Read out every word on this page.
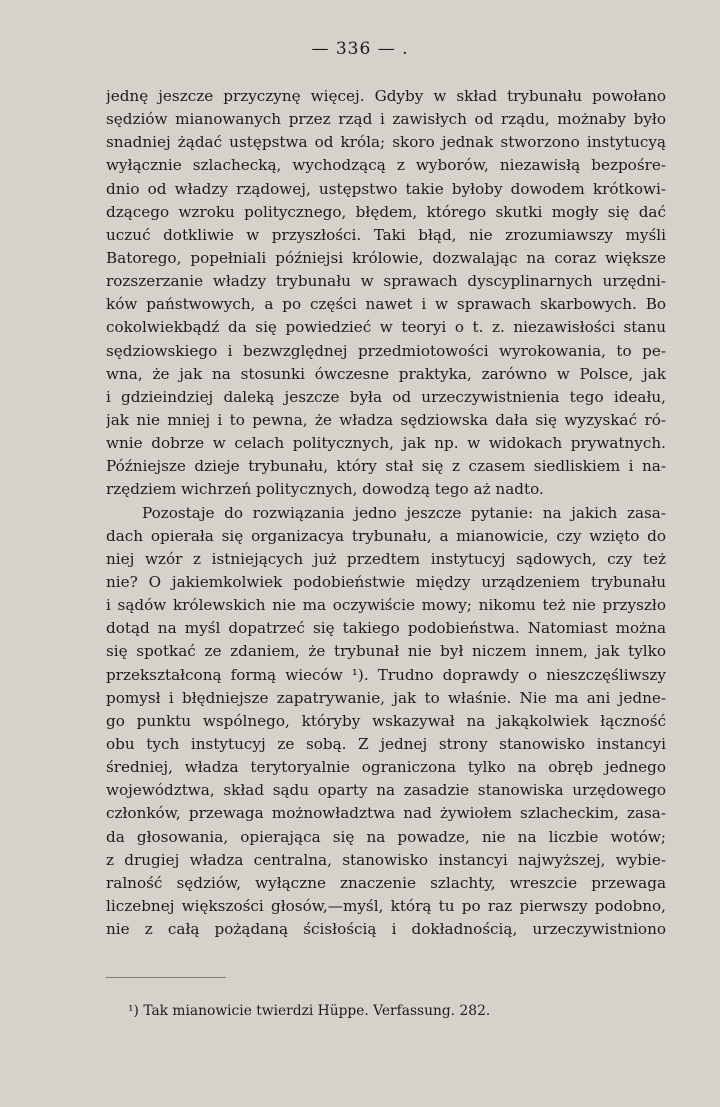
— 336 — .
jednę jeszcze przyczynę więcej. Gdyby w skład trybunału powołano
sędziów mianowanych przez rząd i zawisłych od rządu, możnaby było
snadniej żądać ustępstwa od króla; skoro jednak stworzono instytucyą
wyłącznie szlachecką, wychodzącą z wyborów, niezawisłą bezpośre-
dnio od władzy rządowej, ustępstwo takie byłoby dowodem krótkowi-
dzącego wzroku politycznego, błędem, którego skutki mogły się dać
uczuć dotkliwie w przyszłości. Taki błąd, nie zrozumiawszy myśli
Batorego, popełniali późniejsi królowie, dozwalając na coraz większe
rozszerzanie władzy trybunału w sprawach dyscyplinarnych urzędni-
ków państwowych, a po części nawet i w sprawach skarbowych. Bo
cokolwiekbądź da się powiedzieć w teoryi o t. z. niezawisłości stanu
sędziowskiego i bezwzględnej przedmiotowości wyrokowania, to pe-
wna, że jak na stosunki ówczesne praktyka, zarówno w Polsce, jak
i gdzieindziej daleką jeszcze była od urzeczywistnienia tego ideału,
jak nie mniej i to pewna, że władza sędziowska dała się wyzyskać ró-
wnie dobrze w celach politycznych, jak np. w widokach prywatnych.
Późniejsze dzieje trybunału, który stał się z czasem siedliskiem i na-
rzędziem wichrzeń politycznych, dowodzą tego aż nadto.
Pozostaje do rozwiązania jedno jeszcze pytanie: na jakich zasa-
dach opierała się organizacya trybunału, a mianowicie, czy wzięto do
niej wzór z istniejących już przedtem instytucyj sądowych, czy też
nie? O jakiemkolwiek podobieństwie między urządzeniem trybunału
i sądów królewskich nie ma oczywiście mowy; nikomu też nie przyszło
dotąd na myśl dopatrzeć się takiego podobieństwa. Natomiast można
się spotkać ze zdaniem, że trybunał nie był niczem innem, jak tylko
przekształconą formą wieców ¹). Trudno doprawdy o nieszczęśliwszy
pomysł i błędniejsze zapatrywanie, jak to właśnie. Nie ma ani jedne-
go punktu wspólnego, któryby wskazywał na jakąkolwiek łączność
obu tych instytucyj ze sobą. Z jednej strony stanowisko instancyi
średniej, władza terytoryalnie ograniczona tylko na obręb jednego
województwa, skład sądu oparty na zasadzie stanowiska urzędowego
członków, przewaga możnowładztwa nad żywiołem szlacheckim, zasa-
da głosowania, opierająca się na powadze, nie na liczbie wotów;
z drugiej władza centralna, stanowisko instancyi najwyższej, wybie-
ralność sędziów, wyłączne znaczenie szlachty, wreszcie przewaga
liczebnej większości głosów,—myśl, którą tu po raz pierwszy podobno,
nie z całą pożądaną ścisłością i dokładnością, urzeczywistniono
¹) Tak mianowicie twierdzi Hüppe. Verfassung. 282.
